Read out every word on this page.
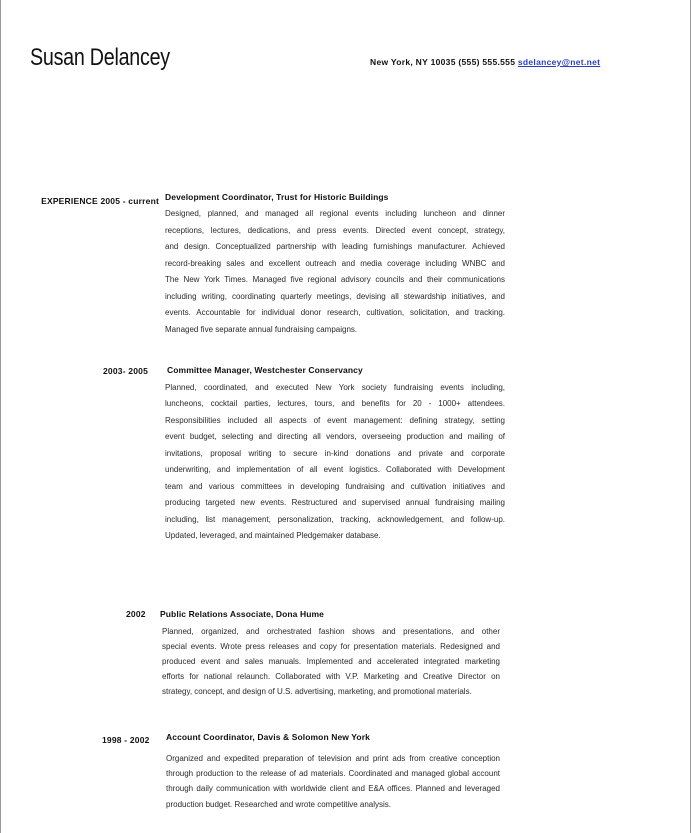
Susan Delancey	New York, NY 10035 (555) 555.555 sdelancey@net.net
EXPERIENCE 2005 - current Development Coordinator, Trust for Historic Buildings
Designed, planned, and managed all regional events including luncheon and dinner
receptions, lectures, dedications, and press events. Directed event concept, strategy,
and design. Conceptualized partnership with leading furnishings manufacturer. Achieved
record-breaking sales and excellent outreach and media coverage including WNBC and
The New York Times. Managed five regional advisory councils and their communications
including writing, coordinating quarterly meetings, devising all stewardship initiatives, and
events. Accountable for individual donor research, cultivation, solicitation, and tracking.
Managed five separate annual fundraising campaigns.
2003- 2005 Committee Manager, Westchester Conservancy
Planned, coordinated, and executed New York society fundraising events including,
luncheons, cocktail parties, lectures, tours, and benefits for 20 - 1000+ attendees.
Responsibilities included all aspects of event management: defining strategy, setting
event budget, selecting and directing all vendors, overseeing production and mailing of
invitations, proposal writing to secure in-kind donations and private and corporate
underwriting, and implementation of all event logistics. Collaborated with Development
team and various committees in developing fundraising and cultivation initiatives and
producing targeted new events. Restructured and supervised annual fundraising mailing
including, list management, personalization, tracking, acknowledgement, and follow-up.
Updated, leveraged, and maintained Pledgemaker database.
2002 Public Relations Associate, Dona Hume
Planned, organized, and orchestrated fashion shows and presentations, and other
special events. Wrote press releases and copy for presentation materials. Redesigned and
produced event and sales manuals. Implemented and accelerated integrated marketing
efforts for national relaunch. Collaborated with V.P. Marketing and Creative Director on
strategy, concept, and design of U.S. advertising, marketing, and promotional materials.
1998 - 2002 Account Coordinator, Davis & Solomon New York
Organized and expedited preparation of television and print ads from creative conception
through production to the release of ad materials. Coordinated and managed global account
through daily communication with worldwide client and E&A offices. Planned and leveraged
production budget. Researched and wrote competitive analysis.
